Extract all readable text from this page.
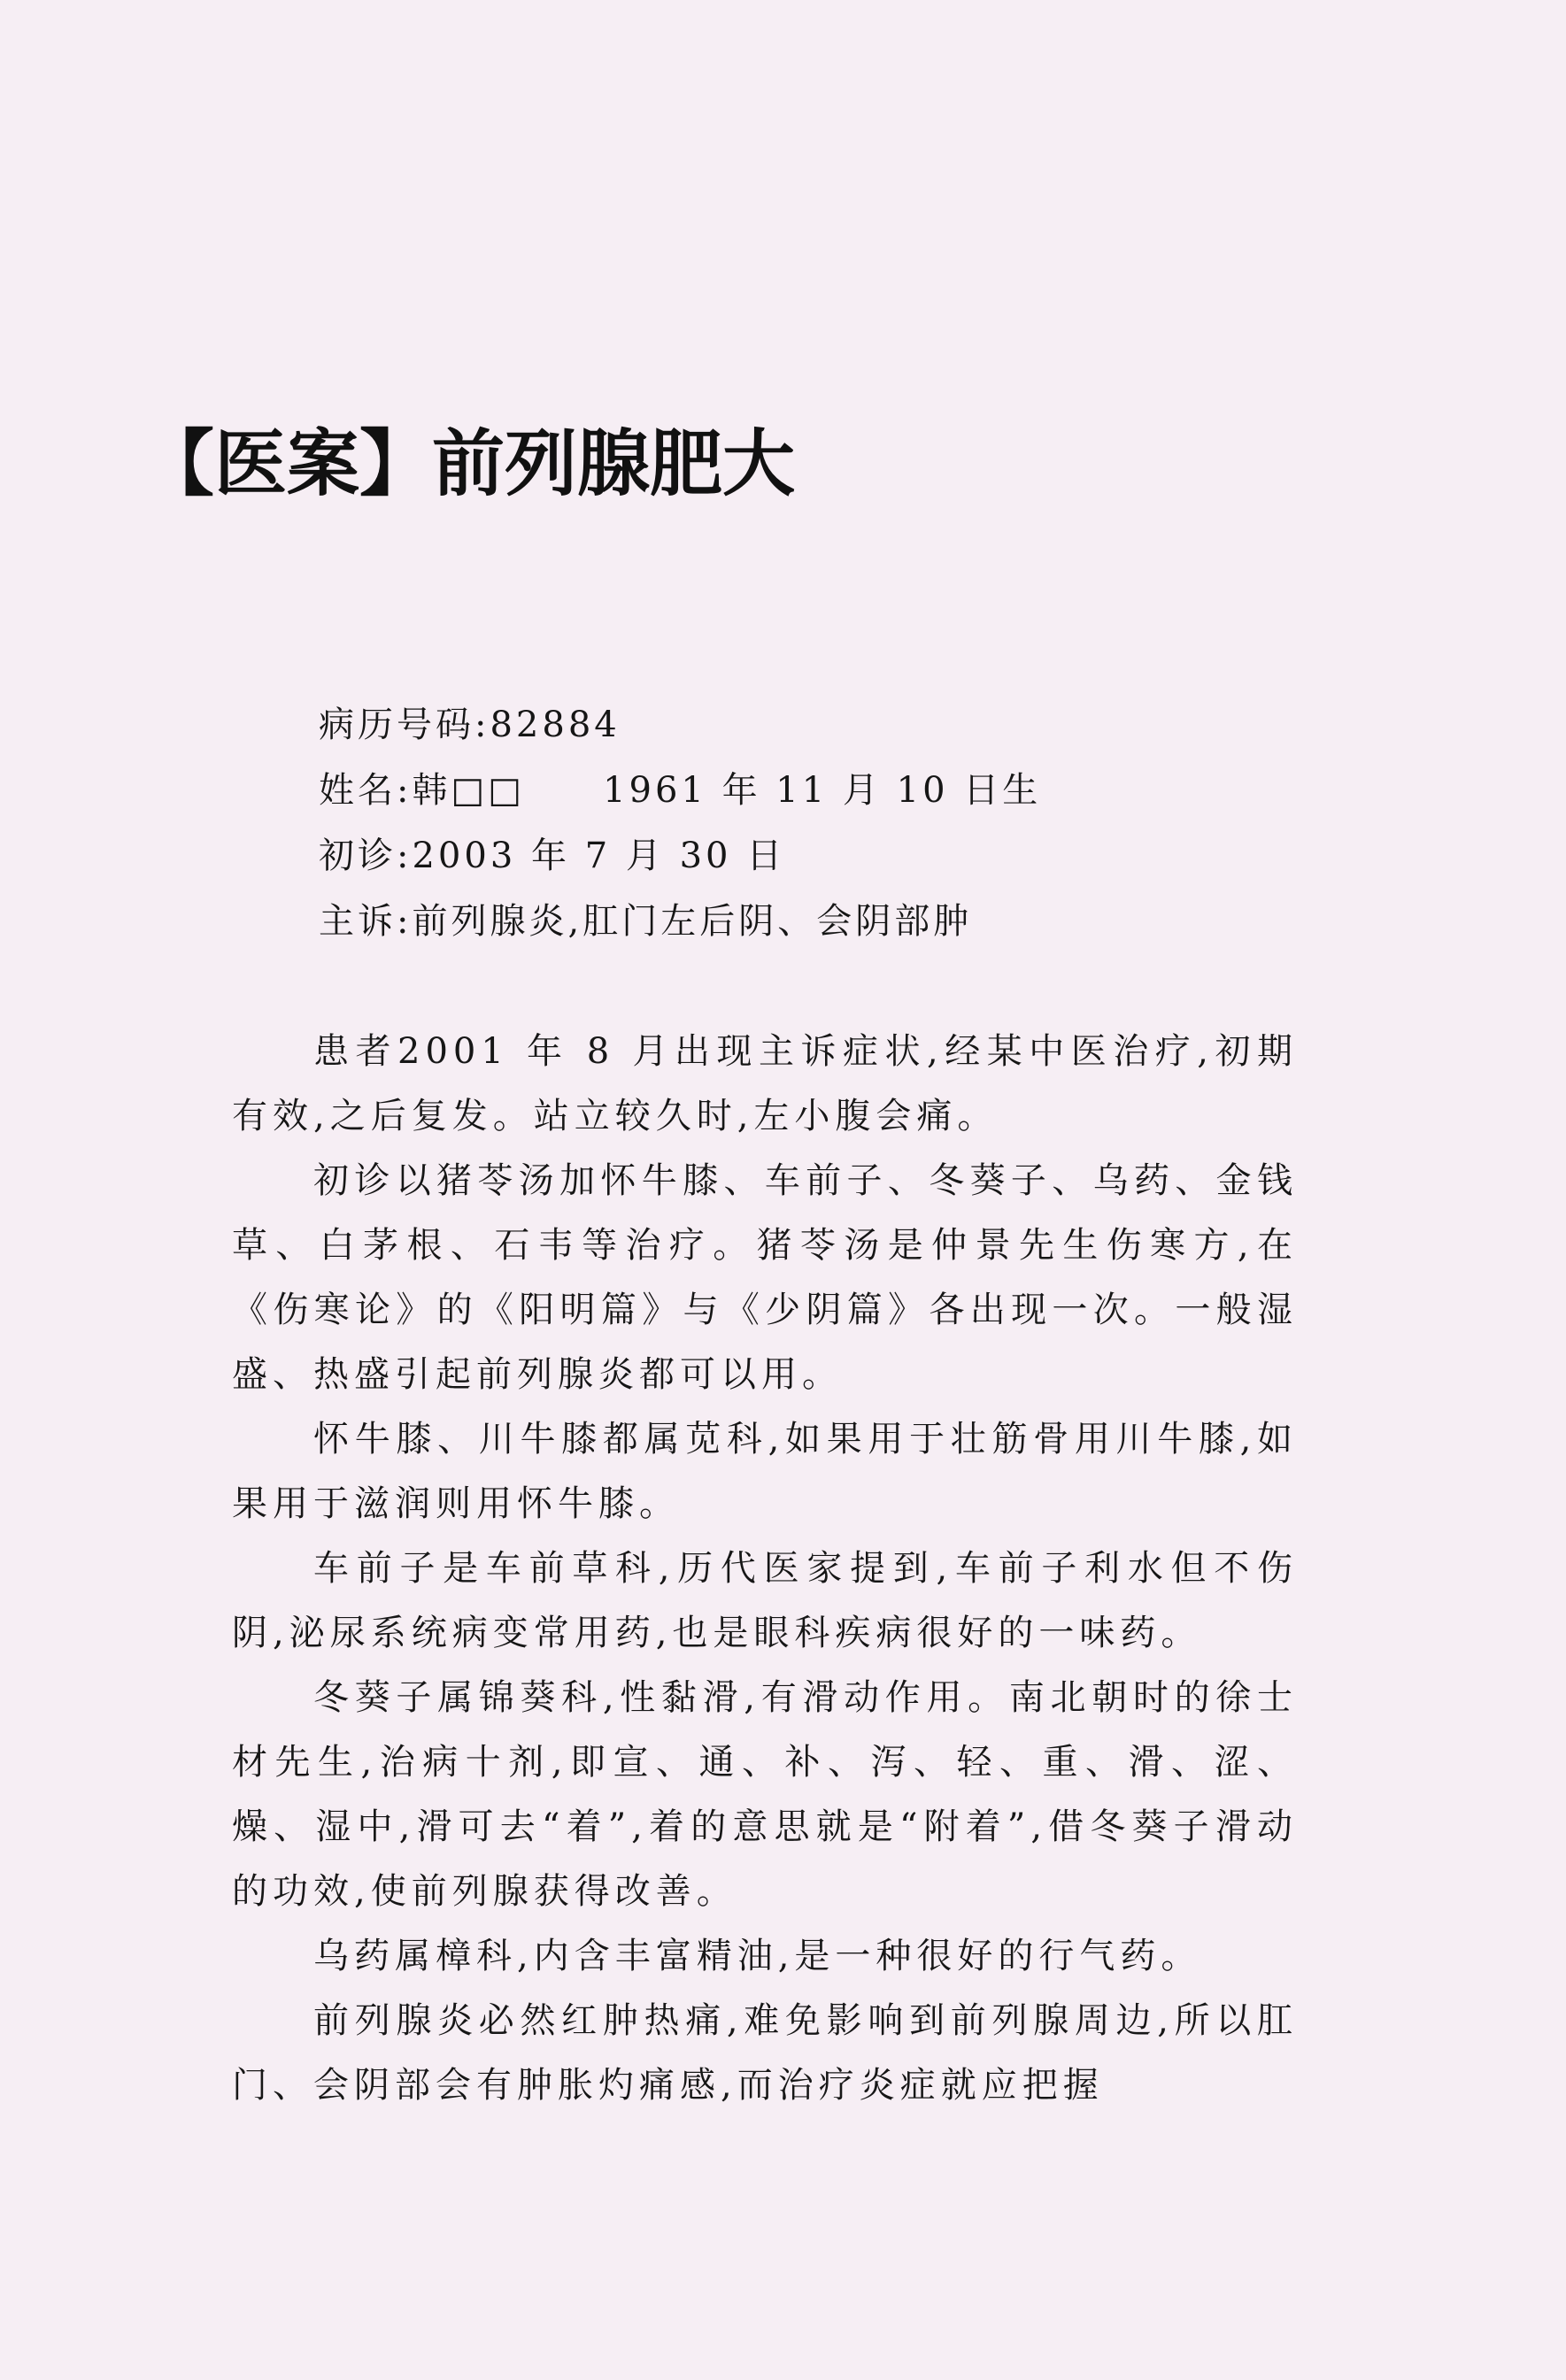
【医案】前列腺肥大
病历号码:82884
姓名:韩□□ 1961 年 11 月 10 日生
初诊:2003 年 7 月 30 日
主诉:前列腺炎,肛门左后阴、会阴部肿

患者2001 年 8 月出现主诉症状,经某中医治疗,初期有效,之后复发。站立较久时,左小腹会痛。

初诊以猪苓汤加怀牛膝、车前子、冬葵子、乌药、金钱草、白茅根、石韦等治疗。猪苓汤是仲景先生伤寒方,在《伤寒论》的《阳明篇》与《少阴篇》各出现一次。一般湿盛、热盛引起前列腺炎都可以用。

怀牛膝、川牛膝都属苋科,如果用于壮筋骨用川牛膝,如果用于滋润则用怀牛膝。

车前子是车前草科,历代医家提到,车前子利水但不伤阴,泌尿系统病变常用药,也是眼科疾病很好的一味药。

冬葵子属锦葵科,性黏滑,有滑动作用。南北朝时的徐士材先生,治病十剂,即宣、通、补、泻、轻、重、滑、涩、燥、湿中,滑可去“着”,着的意思就是“附着”,借冬葵子滑动的功效,使前列腺获得改善。

乌药属樟科,内含丰富精油,是一种很好的行气药。

前列腺炎必然红肿热痛,难免影响到前列腺周边,所以肛门、会阴部会有肿胀灼痛感,而治疗炎症就应把握
